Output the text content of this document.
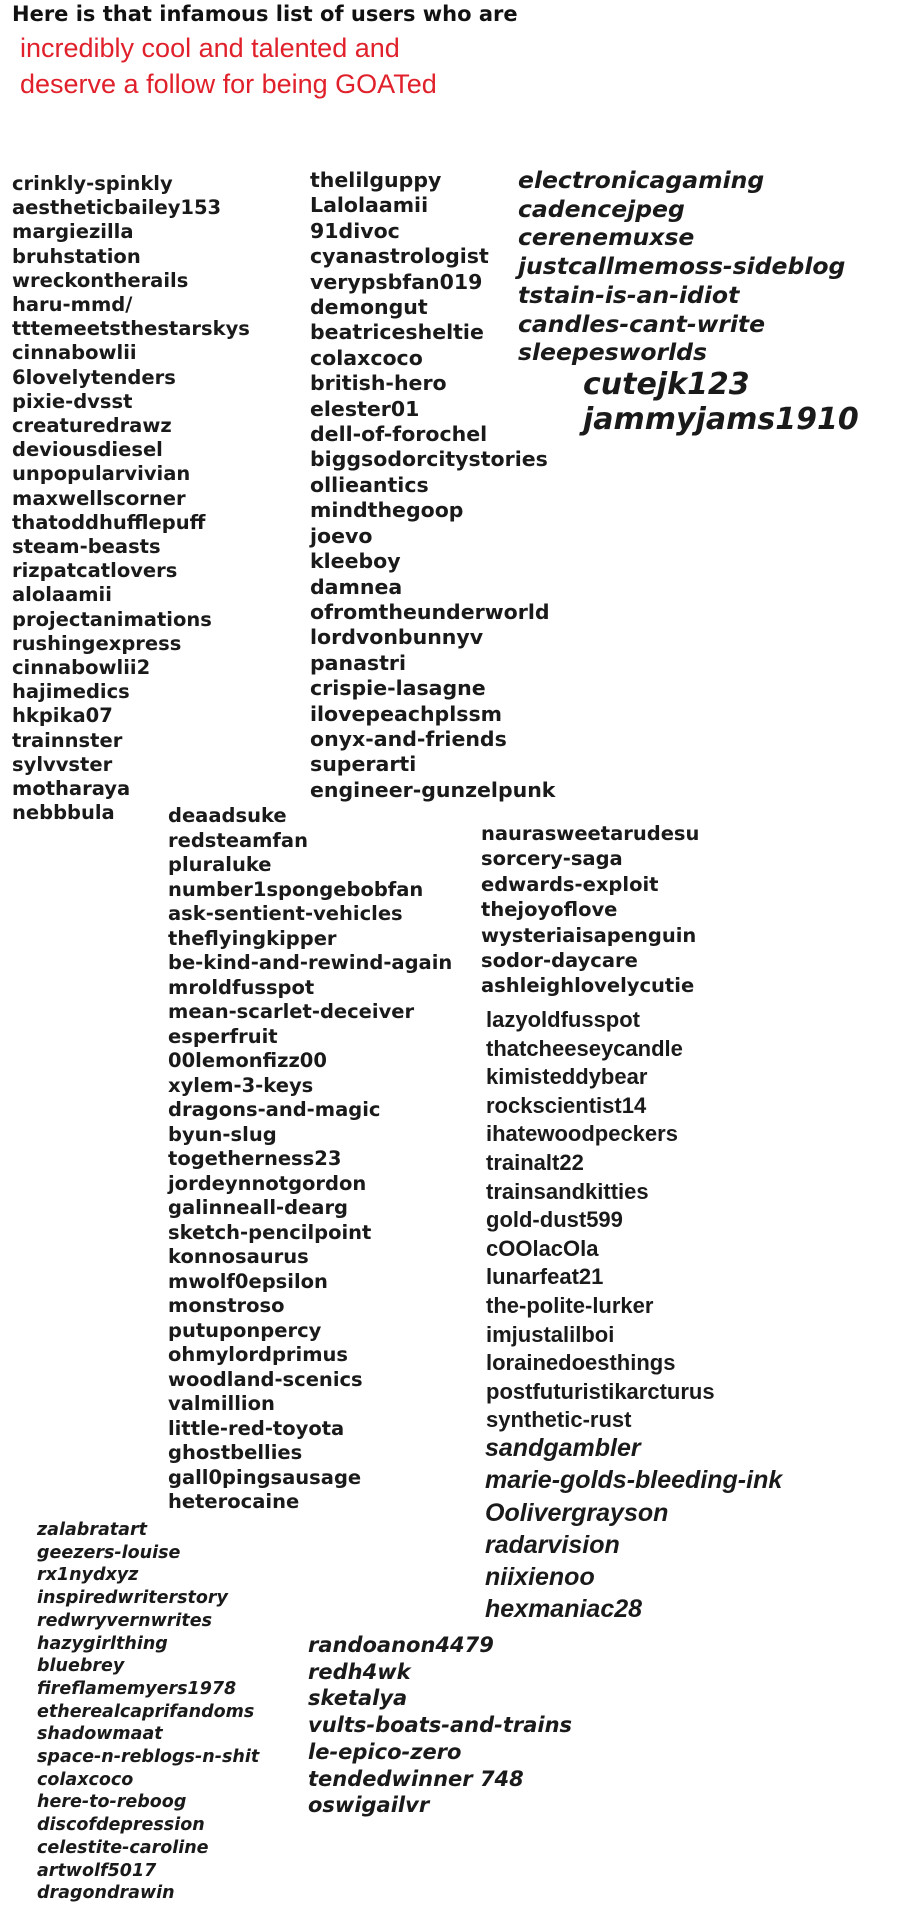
Here is that infamous list of users who are
incredibly cool and talented and
deserve a follow for being GOATed
crinkly-spinkly
aestheticbailey153
margiezilla
bruhstation
wreckontherails
haru-mmd/
tttemeetsthestarskys
cinnabowlii
6lovelytenders
pixie-dvsst
creaturedrawz
deviousdiesel
unpopularvivian
maxwellscorner
thatoddhufflepuff
steam-beasts
rizpatcatlovers
alolaamii
projectanimations
rushingexpress
cinnabowlii2
hajimedics
hkpika07
trainnster
sylvvster
motharaya
nebbbula
thelilguppy
Lalolaamii
91divoc
cyanastrologist
verypsbfan019
demongut
beatricesheltie
colaxcoco
british-hero
elester01
dell-of-forochel
biggsodorcitystories
ollieantics
mindthegoop
joevo
kleeboy
damnea
ofromtheunderworld
lordvonbunnyv
panastri
crispie-lasagne
ilovepeachplssm
onyx-and-friends
superarti
engineer-gunzelpunk
electronicagaming
cadencejpeg
cerenemuxse
justcallmemoss-sideblog
tstain-is-an-idiot
candles-cant-write
sleepesworlds
cutejk123
jammyjams1910
deaadsuke
redsteamfan
pluraluke
number1spongebobfan
ask-sentient-vehicles
theflyingkipper
be-kind-and-rewind-again
mroldfusspot
mean-scarlet-deceiver
esperfruit
00lemonfizz00
xylem-3-keys
dragons-and-magic
byun-slug
togetherness23
jordeynnotgordon
galinneall-dearg
sketch-pencilpoint
konnosaurus
mwolf0epsilon
monstroso
putuponpercy
ohmylordprimus
woodland-scenics
valmillion
little-red-toyota
ghostbellies
gall0pingsausage
heterocaine
naurasweetarudesu
sorcery-saga
edwards-exploit
thejoyoflove
wysteriaisapenguin
sodor-daycare
ashleighlovelycutie
lazyoldfusspot
thatcheeseycandle
kimisteddybear
rockscientist14
ihatewoodpeckers
trainalt22
trainsandkitties
gold-dust599
cOOlacOla
lunarfeat21
the-polite-lurker
imjustalilboi
lorainedoesthings
postfuturistikarcturus
synthetic-rust
sandgambler
marie-golds-bleeding-ink
Oolivergrayson
radarvision
niixienoo
hexmaniac28
zalabratart
geezers-louise
rx1nydxyz
inspiredwriterstory
redwryvernwrites
hazygirlthing
bluebrey
fireflamemyers1978
etherealcaprifandoms
shadowmaat
space-n-reblogs-n-shit
colaxcoco
here-to-reboog
discofdepression
celestite-caroline
artwolf5017
dragondrawin
randoanon4479
redh4wk
sketalya
vults-boats-and-trains
le-epico-zero
tendedwinner 748
oswigailvr
